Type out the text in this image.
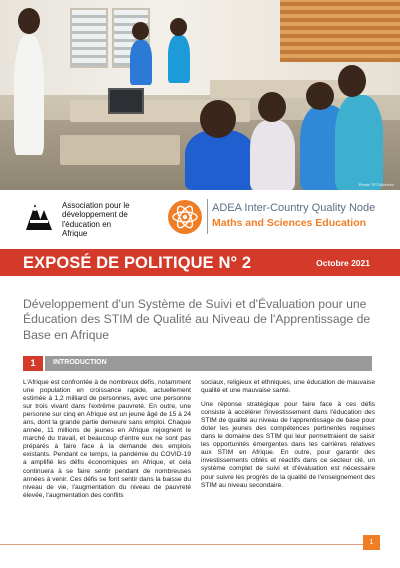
Photo: ©FGAkeleko
Association pour le
développement de
l'éducation en
Afrique
ADEA Inter-Country Quality Node
Maths and Sciences Education
EXPOSÉ DE POLITIQUE N° 2	Octobre 2021
Développement d'un Système de Suivi et d'Évaluation pour une Éducation des STIM de Qualité au Niveau de l'Apprentissage de Base en Afrique
1	INTRODUCTION

L'Afrique est confrontée à de nombreux défis, notamment une population en croissance rapide, actuellement estimée à 1,2 milliard de personnes, avec une personne sur trois vivant dans l'extrême pauvreté. En outre, une personne sur cinq en Afrique est un jeune âgé de 15 à 24 ans, dont la grande partie demeure sans emploi. Chaque année, 11 millions de jeunes en Afrique rejoignent le marché du travail, et beaucoup d'entre eux ne sont pas préparés à faire face à la demande des emplois existants. Pendant ce temps, la pandémie du COVID-19 a amplifié les défis économiques en Afrique, et cela continuera à se faire sentir pendant de nombreuses années à venir. Ces défis se font sentir dans la baisse du niveau de vie, l'augmentation du niveau de pauvreté élevée, l'augmentation des conflits

sociaux, religieux et ethniques, une éducation de mauvaise qualité et une mauvaise santé.

Une réponse stratégique pour faire face à ces défis consiste à accélérer l'investissement dans l'éducation des STIM de qualité au niveau de l'apprentissage de base pour doter les jeunes des compétences pertinentes requises dans le domaine des STIM qui leur permettraient de saisir les opportunités émergentes dans les carrières relatives aux STIM en Afrique. En outre, pour garantir des investissements ciblés et réactifs dans ce secteur clé, un système complet de suivi et d'évaluation est nécessaire pour suivre les progrès de la qualité de l'enseignement des STIM au niveau secondaire.

1
